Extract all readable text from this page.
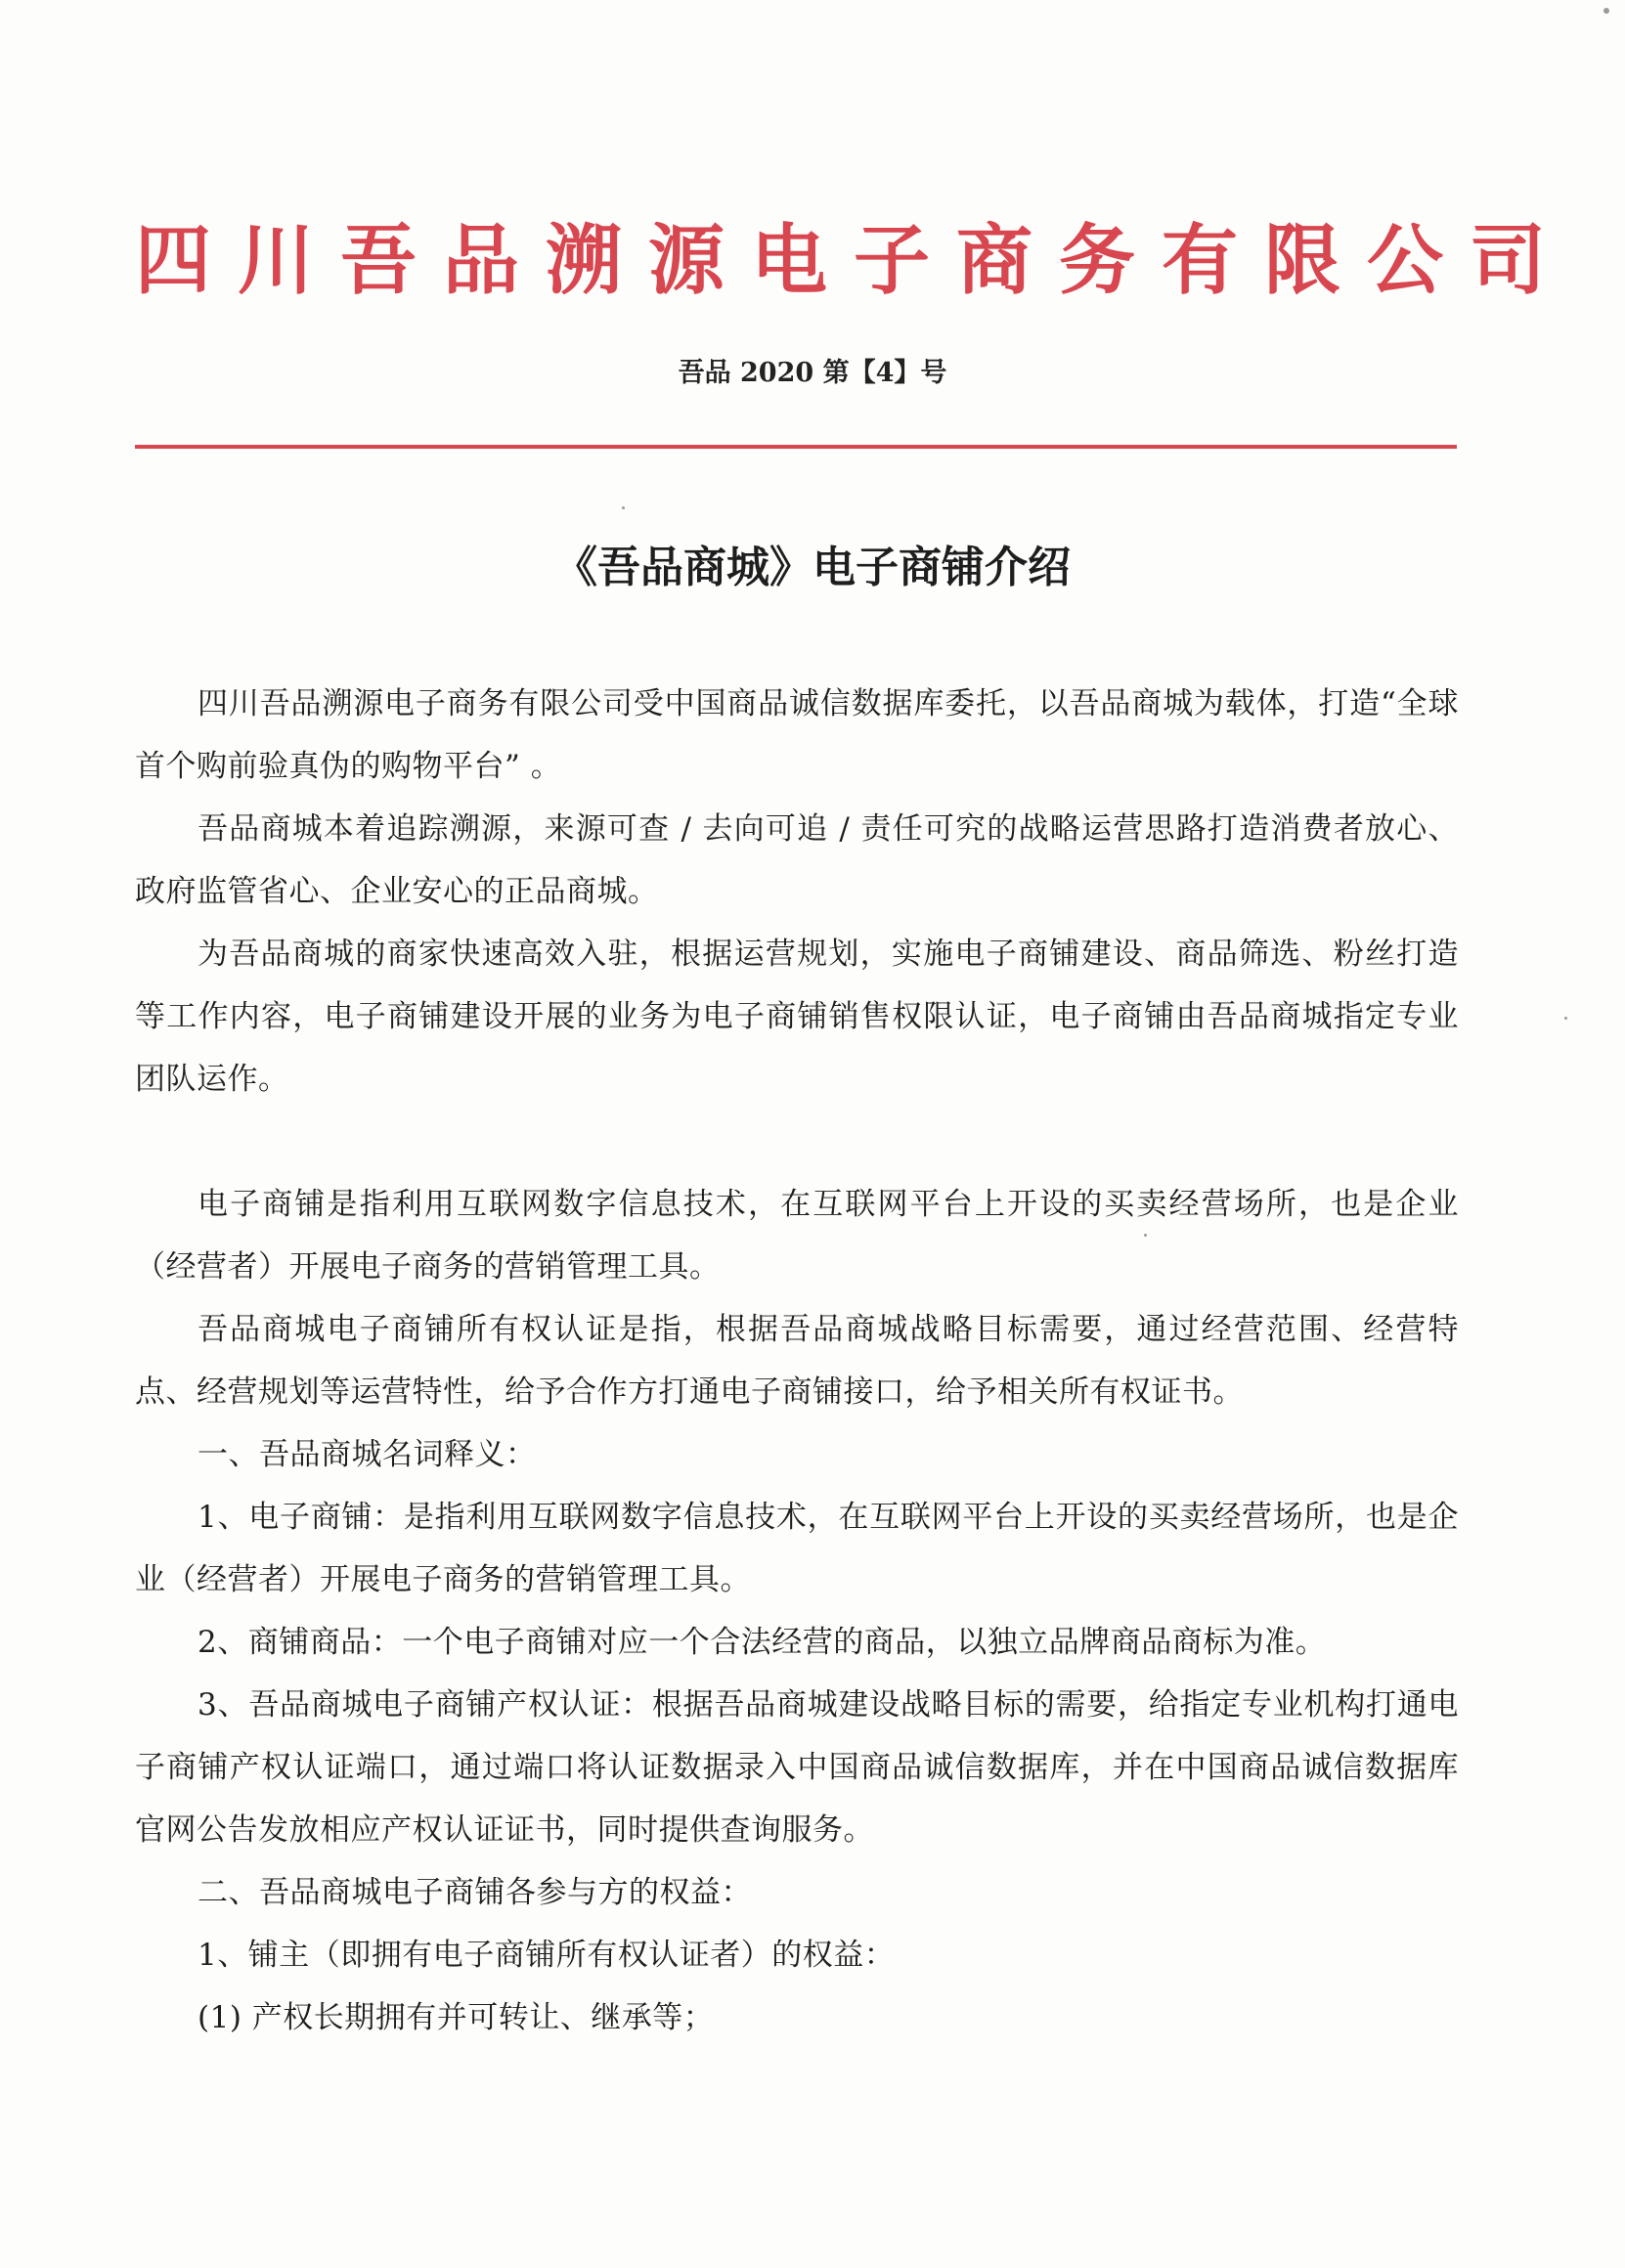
四川吾品溯源电子商务有限公司
吾品 2020 第【4】号
《吾品商城》电子商铺介绍

四川吾品溯源电子商务有限公司受中国商品诚信数据库委托，以吾品商城为载体，打造“全球首个购前验真伪的购物平台” 。

吾品商城本着追踪溯源，来源可查 / 去向可追 / 责任可究的战略运营思路打造消费者放心、政府监管省心、企业安心的正品商城。

为吾品商城的商家快速高效入驻，根据运营规划，实施电子商铺建设、商品筛选、粉丝打造等工作内容，电子商铺建设开展的业务为电子商铺销售权限认证，电子商铺由吾品商城指定专业团队运作。

电子商铺是指利用互联网数字信息技术，在互联网平台上开设的买卖经营场所，也是企业（经营者）开展电子商务的营销管理工具。

吾品商城电子商铺所有权认证是指，根据吾品商城战略目标需要，通过经营范围、经营特点、经营规划等运营特性，给予合作方打通电子商铺接口，给予相关所有权证书。

一、吾品商城名词释义：

1、电子商铺：是指利用互联网数字信息技术，在互联网平台上开设的买卖经营场所，也是企业（经营者）开展电子商务的营销管理工具。

2、商铺商品：一个电子商铺对应一个合法经营的商品，以独立品牌商品商标为准。

3、吾品商城电子商铺产权认证：根据吾品商城建设战略目标的需要，给指定专业机构打通电子商铺产权认证端口，通过端口将认证数据录入中国商品诚信数据库，并在中国商品诚信数据库官网公告发放相应产权认证证书，同时提供查询服务。

二、吾品商城电子商铺各参与方的权益：

1、铺主（即拥有电子商铺所有权认证者）的权益：

(1) 产权长期拥有并可转让、继承等；
